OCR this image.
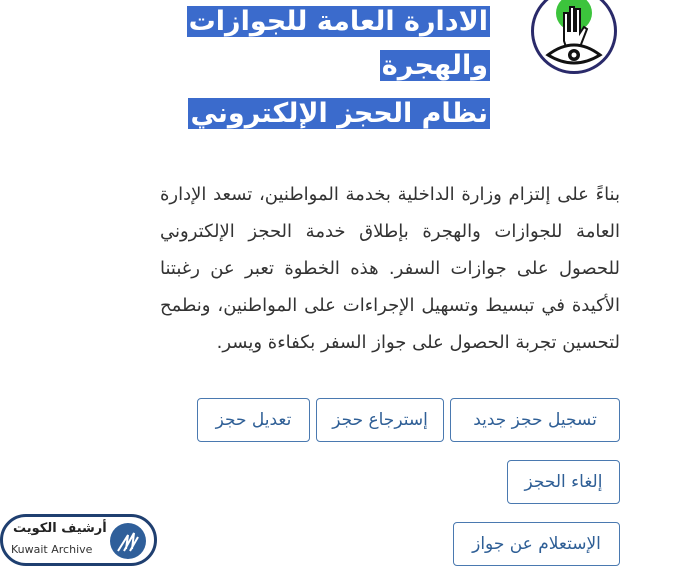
الادارة العامة للجوازات والهجرة
نظام الحجز الإلكتروني

بناءً على إلتزام وزارة الداخلية بخدمة المواطنين، تسعد الإدارة العامة للجوازات والهجرة بإطلاق خدمة الحجز الإلكتروني للحصول على جوازات السفر. هذه الخطوة تعبر عن رغبتنا الأكيدة في تبسيط وتسهيل الإجراءات على المواطنين، ونطمح لتحسين تجربة الحصول على جواز السفر بكفاءة ويسر.

تسجيل حجز جديد
إسترجاع حجز
تعديل حجز
إلغاء الحجز
الإستعلام عن جواز
أرشيف الكويت
Kuwait Archive
